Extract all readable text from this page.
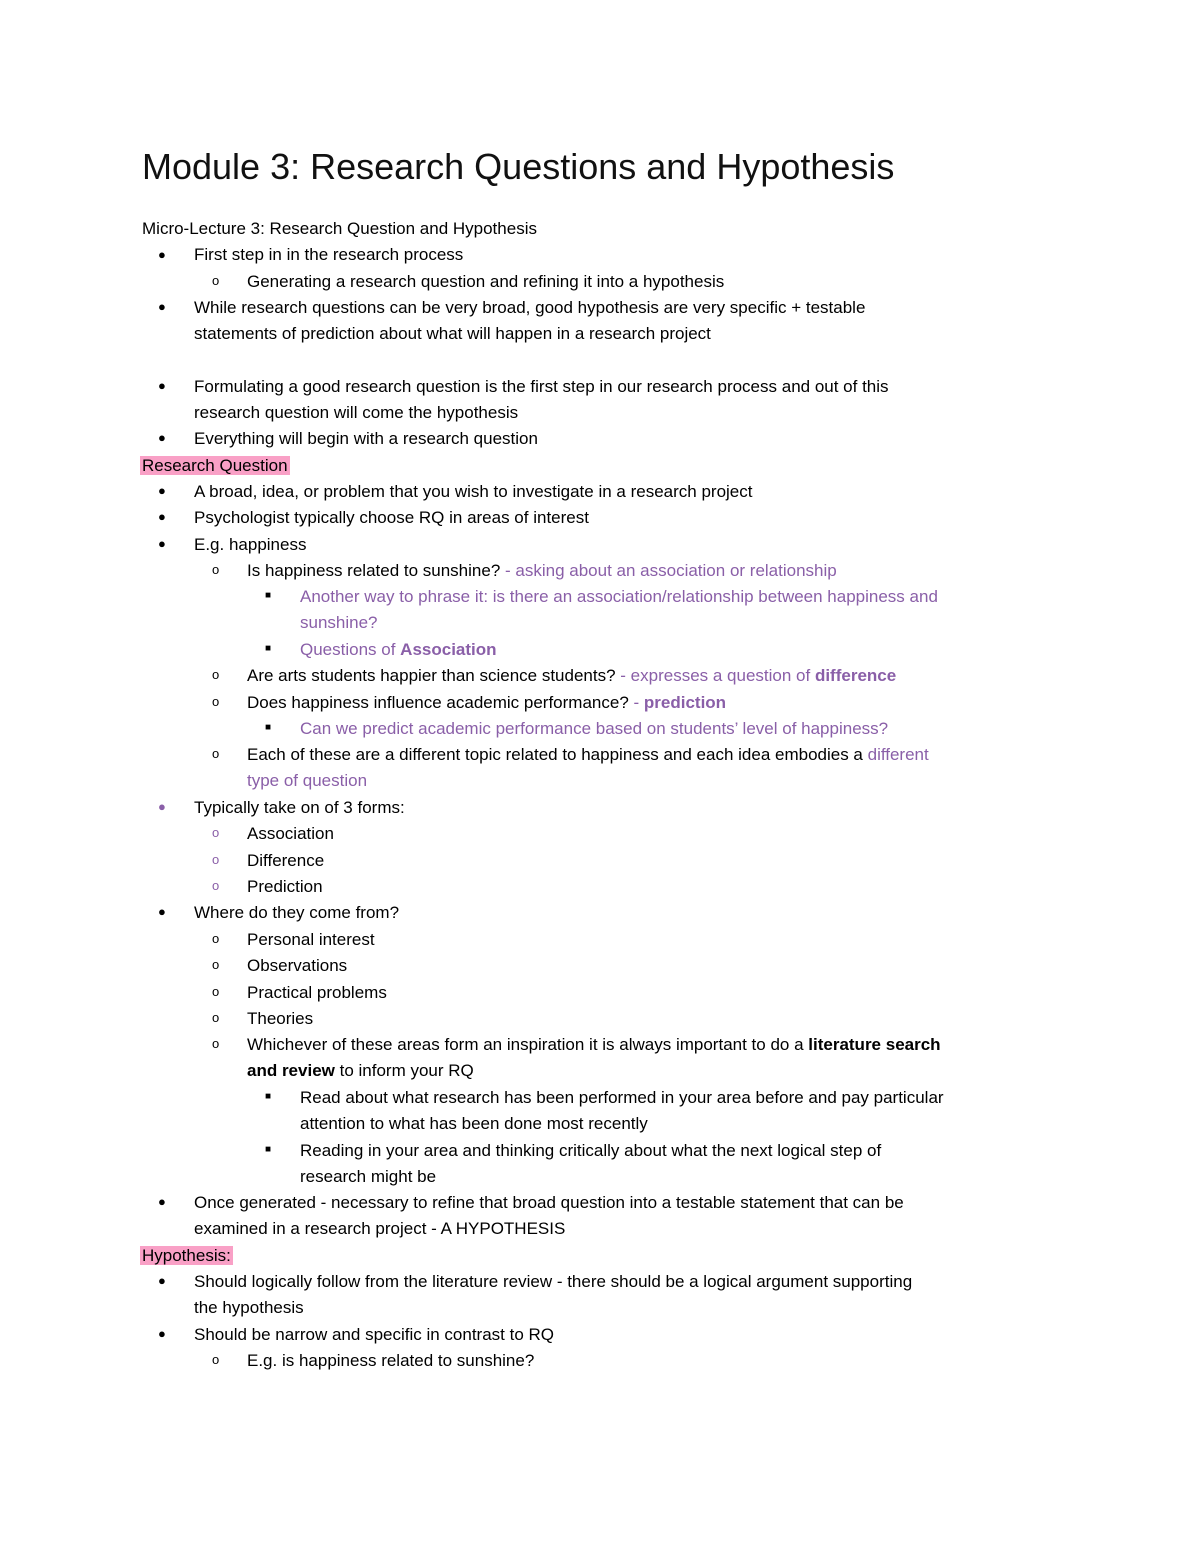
Module 3: Research Questions and Hypothesis
Micro-Lecture 3: Research Question and Hypothesis
● First step in in the research process
o Generating a research question and refining it into a hypothesis
● While research questions can be very broad, good hypothesis are very specific + testable
statements of prediction about what will happen in a research project
● Formulating a good research question is the first step in our research process and out of this
research question will come the hypothesis
● Everything will begin with a research question
Research Question
● A broad, idea, or problem that you wish to investigate in a research project
● Psychologist typically choose RQ in areas of interest
● E.g. happiness
o Is happiness related to sunshine? - asking about an association or relationship
■ Another way to phrase it: is there an association/relationship between happiness and
sunshine?
■ Questions of Association
o Are arts students happier than science students? - expresses a question of difference
o Does happiness influence academic performance? - prediction
■ Can we predict academic performance based on students’ level of happiness?
o Each of these are a different topic related to happiness and each idea embodies a different
type of question
● Typically take on of 3 forms:
o Association
o Difference
o Prediction
● Where do they come from?
o Personal interest
o Observations
o Practical problems
o Theories
o Whichever of these areas form an inspiration it is always important to do a literature search
and review to inform your RQ
■ Read about what research has been performed in your area before and pay particular
attention to what has been done most recently
■ Reading in your area and thinking critically about what the next logical step of
research might be
● Once generated - necessary to refine that broad question into a testable statement that can be
examined in a research project - A HYPOTHESIS
Hypothesis:
● Should logically follow from the literature review - there should be a logical argument supporting
the hypothesis
● Should be narrow and specific in contrast to RQ
o E.g. is happiness related to sunshine?
